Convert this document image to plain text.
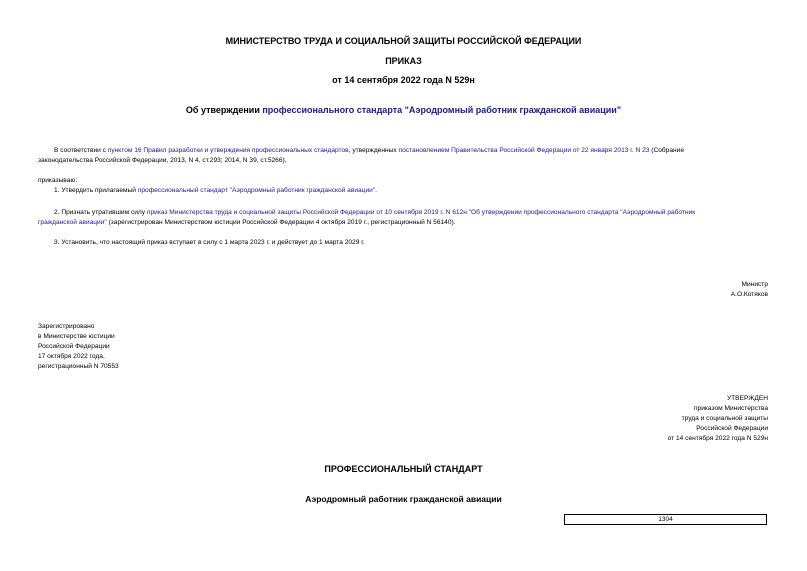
МИНИСТЕРСТВО ТРУДА И СОЦИАЛЬНОЙ ЗАЩИТЫ РОССИЙСКОЙ ФЕДЕРАЦИИ
ПРИКАЗ
от 14 сентября 2022 года N 529н
Об утверждении профессионального стандарта "Аэродромный работник гражданской авиации"
В соответствии с пунктом 16 Правил разработки и утверждения профессиональных стандартов, утвержденных постановлением Правительства Российской Федерации от 22 января 2013 г. N 23 (Собрание
законодательства Российской Федерации, 2013, N 4, ст.293; 2014, N 39, ст.5266),
приказываю:
1. Утвердить прилагаемый профессиональный стандарт "Аэродромный работник гражданской авиации".
2. Признать утратившим силу приказ Министерства труда и социальной защиты Российской Федерации от 10 сентября 2019 г. N 612н "Об утверждении профессионального стандарта "Аэродромный работник
гражданской авиации" (зарегистрирован Министерством юстиции Российской Федерации 4 октября 2019 г., регистрационный N 56140).
3. Установить, что настоящий приказ вступает в силу с 1 марта 2023 г. и действует до 1 марта 2029 г.
Министр
А.О.Котяков
Зарегистрировано
в Министерстве юстиции
Российской Федерации
17 октября 2022 года,
регистрационный N 70553
УТВЕРЖДЕН
приказом Министерства
труда и социальной защиты
Российской Федерации
от 14 сентября 2022 года N 529н
ПРОФЕССИОНАЛЬНЫЙ СТАНДАРТ
Аэродромный работник гражданской авиации
1304
